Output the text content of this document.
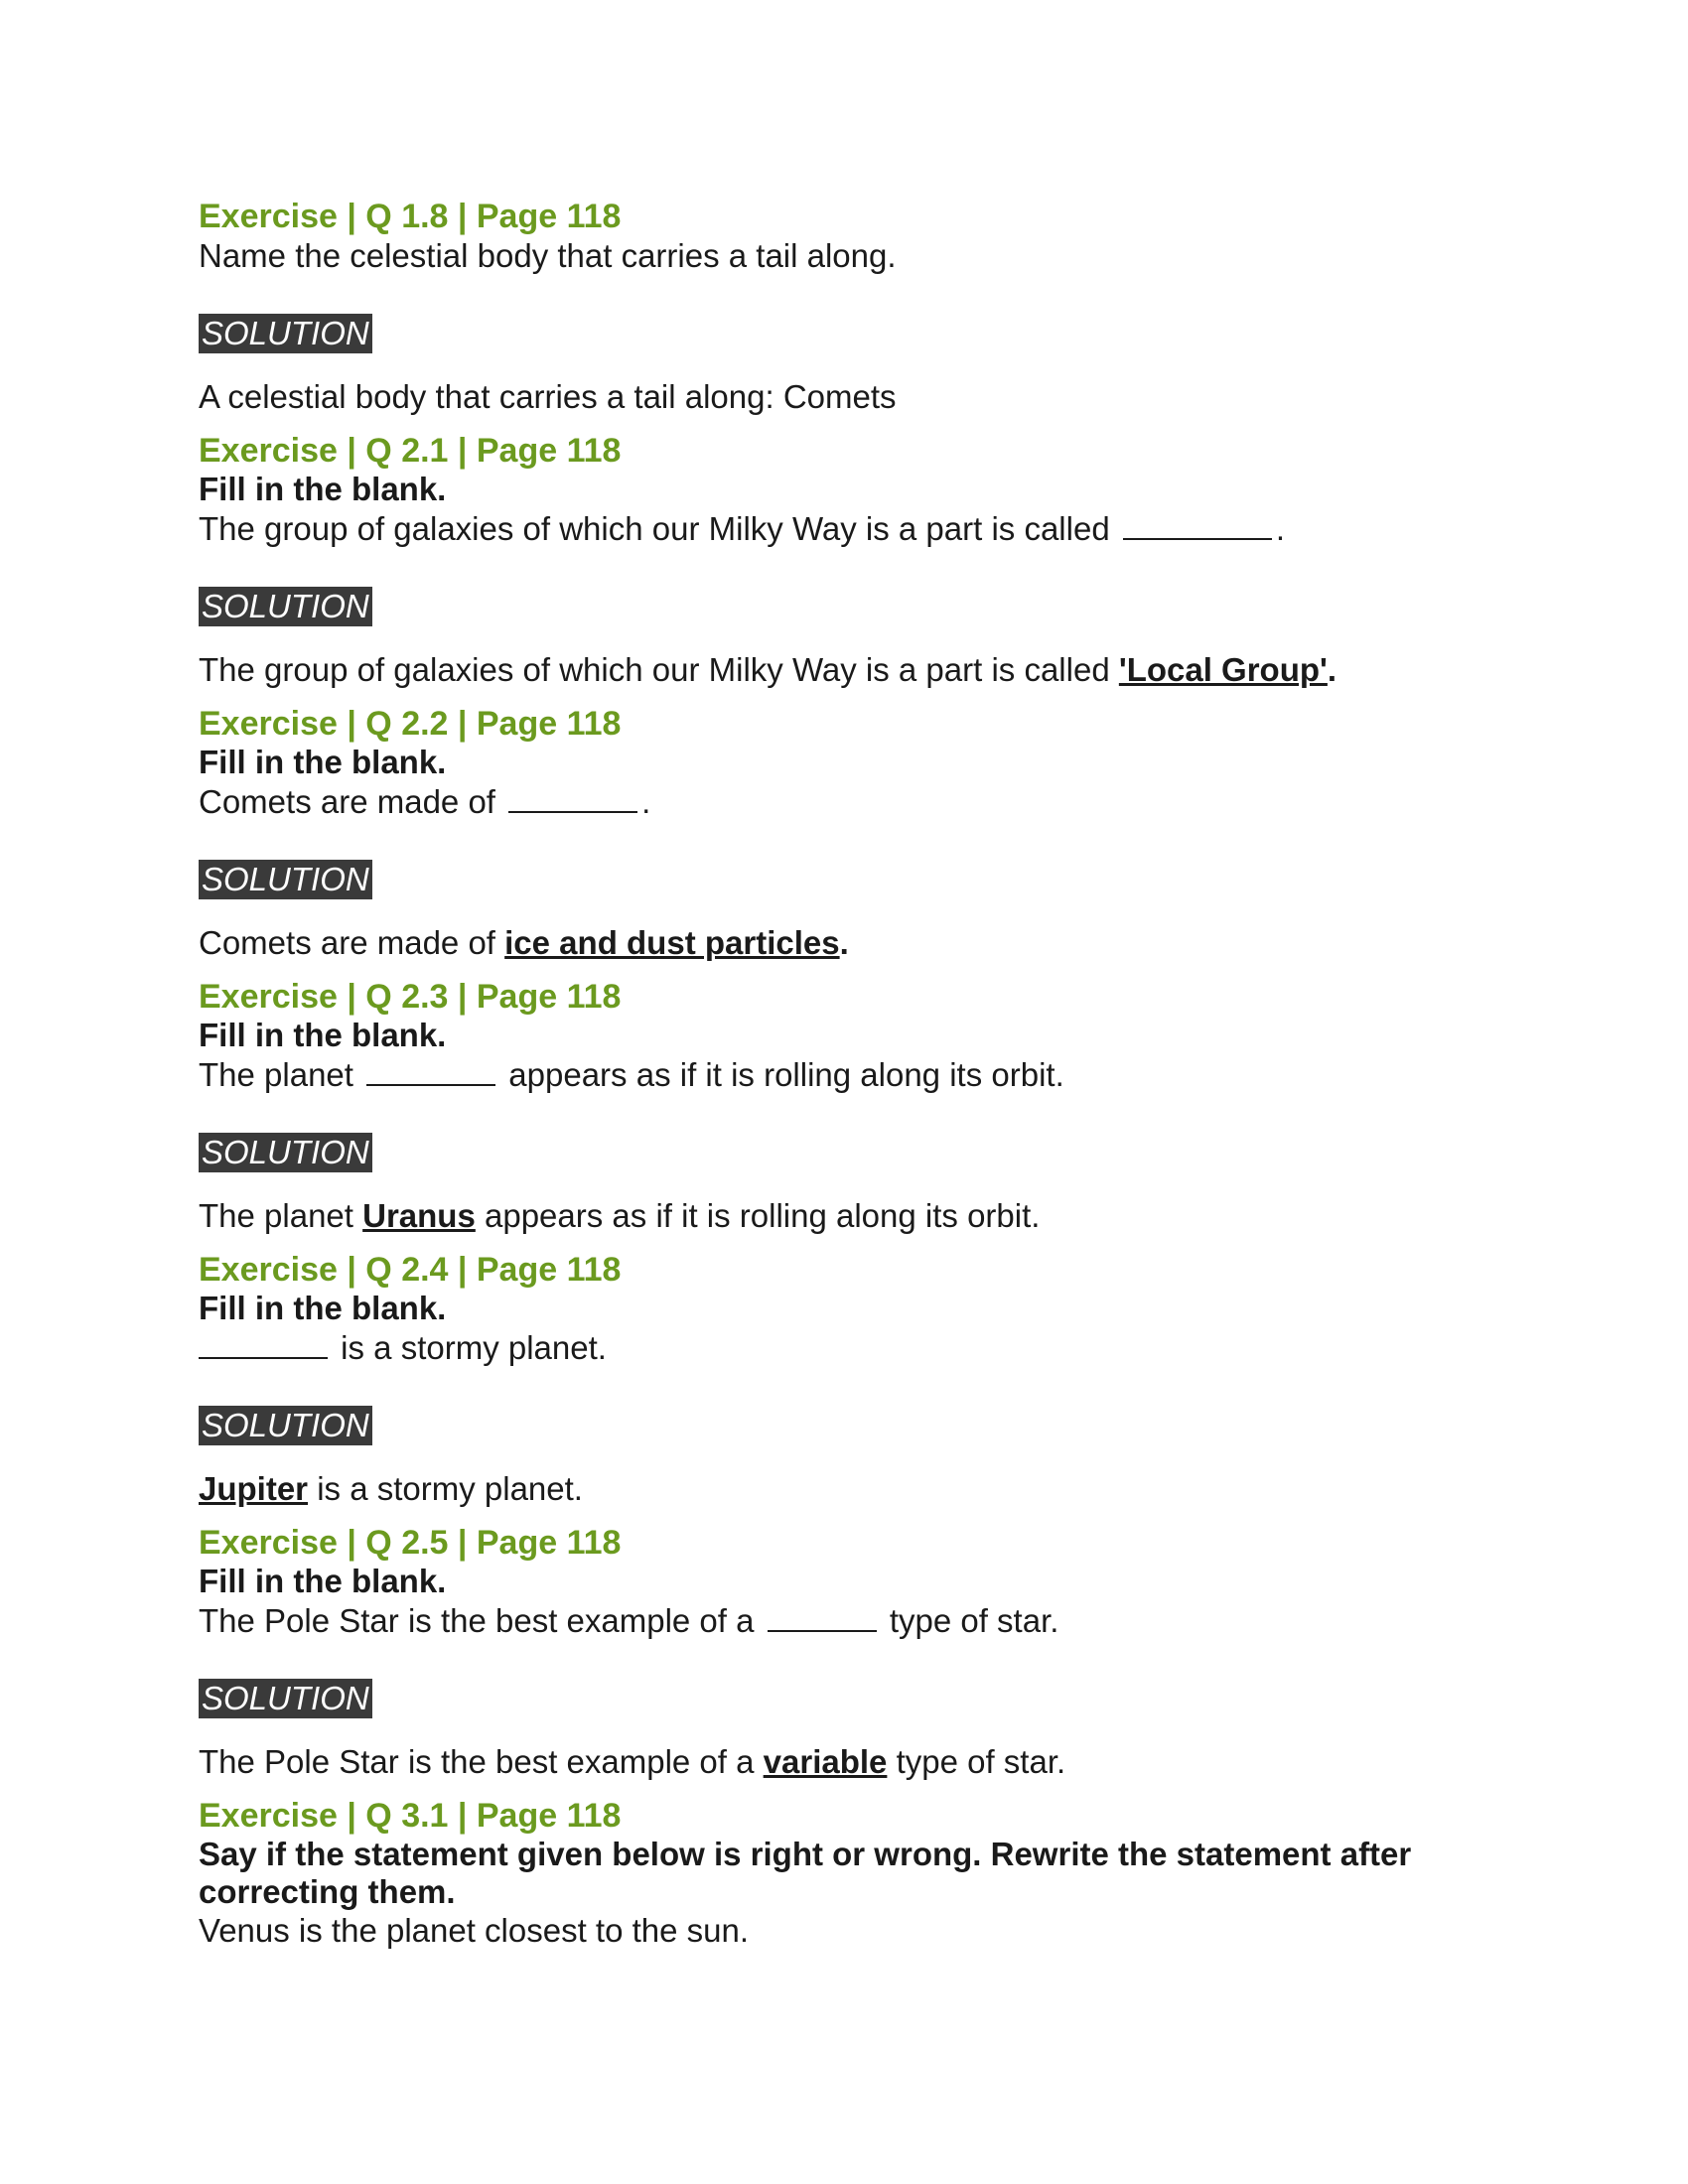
Exercise | Q 1.8 | Page 118

Name the celestial body that carries a tail along.

SOLUTION

A celestial body that carries a tail along: Comets

Exercise | Q 2.1 | Page 118

Fill in the blank.

The group of galaxies of which our Milky Way is a part is called	.

SOLUTION

The group of galaxies of which our Milky Way is a part is called 'Local Group'.

Exercise | Q 2.2 | Page 118

Fill in the blank.

Comets are made of	.

SOLUTION

Comets are made of ice and dust particles.

Exercise | Q 2.3 | Page 118

Fill in the blank.

The planet	appears as if it is rolling along its orbit.

SOLUTION

The planet Uranus appears as if it is rolling along its orbit.

Exercise | Q 2.4 | Page 118

Fill in the blank.

is a stormy planet.

SOLUTION

Jupiter is a stormy planet.

Exercise | Q 2.5 | Page 118

Fill in the blank.

The Pole Star is the best example of a	type of star.

SOLUTION

The Pole Star is the best example of a variable type of star.

Exercise | Q 3.1 | Page 118

Say if the statement given below is right or wrong. Rewrite the statement after correcting them.

Venus is the planet closest to the sun.
